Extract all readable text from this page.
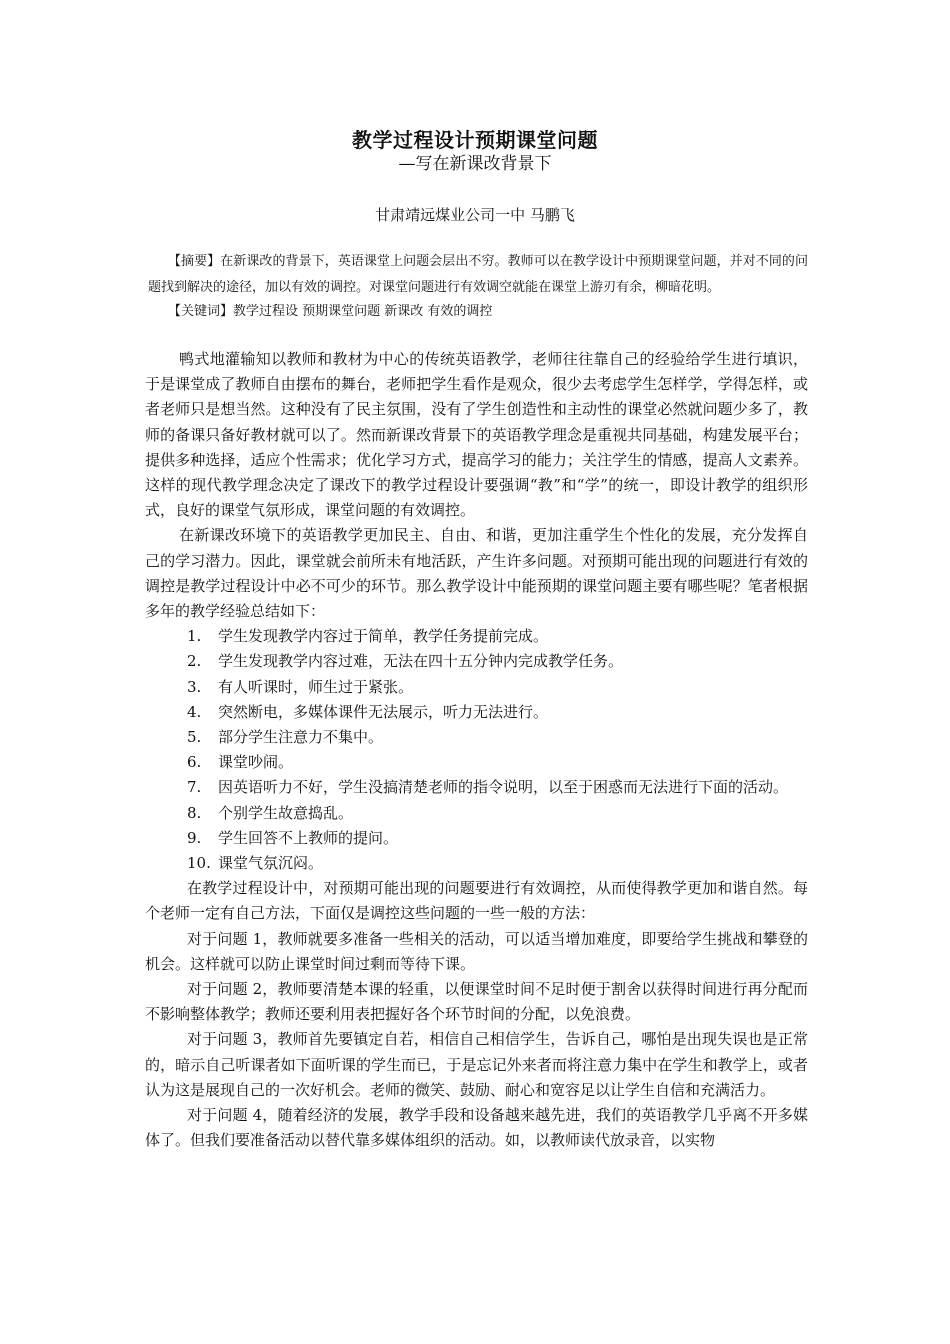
教学过程设计预期课堂问题
—写在新课改背景下
甘肃靖远煤业公司一中 马鹏飞
【摘要】在新课改的背景下，英语课堂上问题会层出不穷。教师可以在教学设计中预期课堂问题，并对不同的问题找到解决的途径，加以有效的调控。对课堂问题进行有效调空就能在课堂上游刃有余，柳暗花明。
【关键词】教学过程设 预期课堂问题 新课改 有效的调控

鸭式地灌输知以教师和教材为中心的传统英语教学，老师往往靠自己的经验给学生进行填识，于是课堂成了教师自由摆布的舞台，老师把学生看作是观众，很少去考虑学生怎样学，学得怎样，或者老师只是想当然。这种没有了民主氛围，没有了学生创造性和主动性的课堂必然就问题少多了，教师的备课只备好教材就可以了。然而新课改背景下的英语教学理念是重视共同基础，构建发展平台；提供多种选择，适应个性需求；优化学习方式，提高学习的能力；关注学生的情感，提高人文素养。这样的现代教学理念决定了课改下的教学过程设计要强调“教”和“学”的统一，即设计教学的组织形式，良好的课堂气氛形成，课堂问题的有效调控。

在新课改环境下的英语教学更加民主、自由、和谐，更加注重学生个性化的发展，充分发挥自己的学习潜力。因此，课堂就会前所未有地活跃，产生许多问题。对预期可能出现的问题进行有效的调控是教学过程设计中必不可少的环节。那么教学设计中能预期的课堂问题主要有哪些呢？笔者根据多年的教学经验总结如下：

1. 学生发现教学内容过于简单，教学任务提前完成。
2. 学生发现教学内容过难，无法在四十五分钟内完成教学任务。
3. 有人听课时，师生过于紧张。
4. 突然断电，多媒体课件无法展示，听力无法进行。
5. 部分学生注意力不集中。
6. 课堂吵闹。
7. 因英语听力不好，学生没搞清楚老师的指令说明，以至于困惑而无法进行下面的活动。
8. 个别学生故意捣乱。
9. 学生回答不上教师的提问。
10. 课堂气氛沉闷。

在教学过程设计中，对预期可能出现的问题要进行有效调控，从而使得教学更加和谐自然。每个老师一定有自己方法，下面仅是调控这些问题的一些一般的方法：

对于问题 1，教师就要多准备一些相关的活动，可以适当增加难度，即要给学生挑战和攀登的机会。这样就可以防止课堂时间过剩而等待下课。

对于问题 2，教师要清楚本课的轻重，以便课堂时间不足时便于割舍以获得时间进行再分配而不影响整体教学；教师还要利用表把握好各个环节时间的分配，以免浪费。

对于问题 3，教师首先要镇定自若，相信自己相信学生，告诉自己，哪怕是出现失误也是正常的，暗示自己听课者如下面听课的学生而已，于是忘记外来者而将注意力集中在学生和教学上，或者认为这是展现自己的一次好机会。老师的微笑、鼓励、耐心和宽容足以让学生自信和充满活力。

对于问题 4，随着经济的发展，教学手段和设备越来越先进，我们的英语教学几乎离不开多媒体了。但我们要准备活动以替代靠多媒体组织的活动。如，以教师读代放录音，以实物
